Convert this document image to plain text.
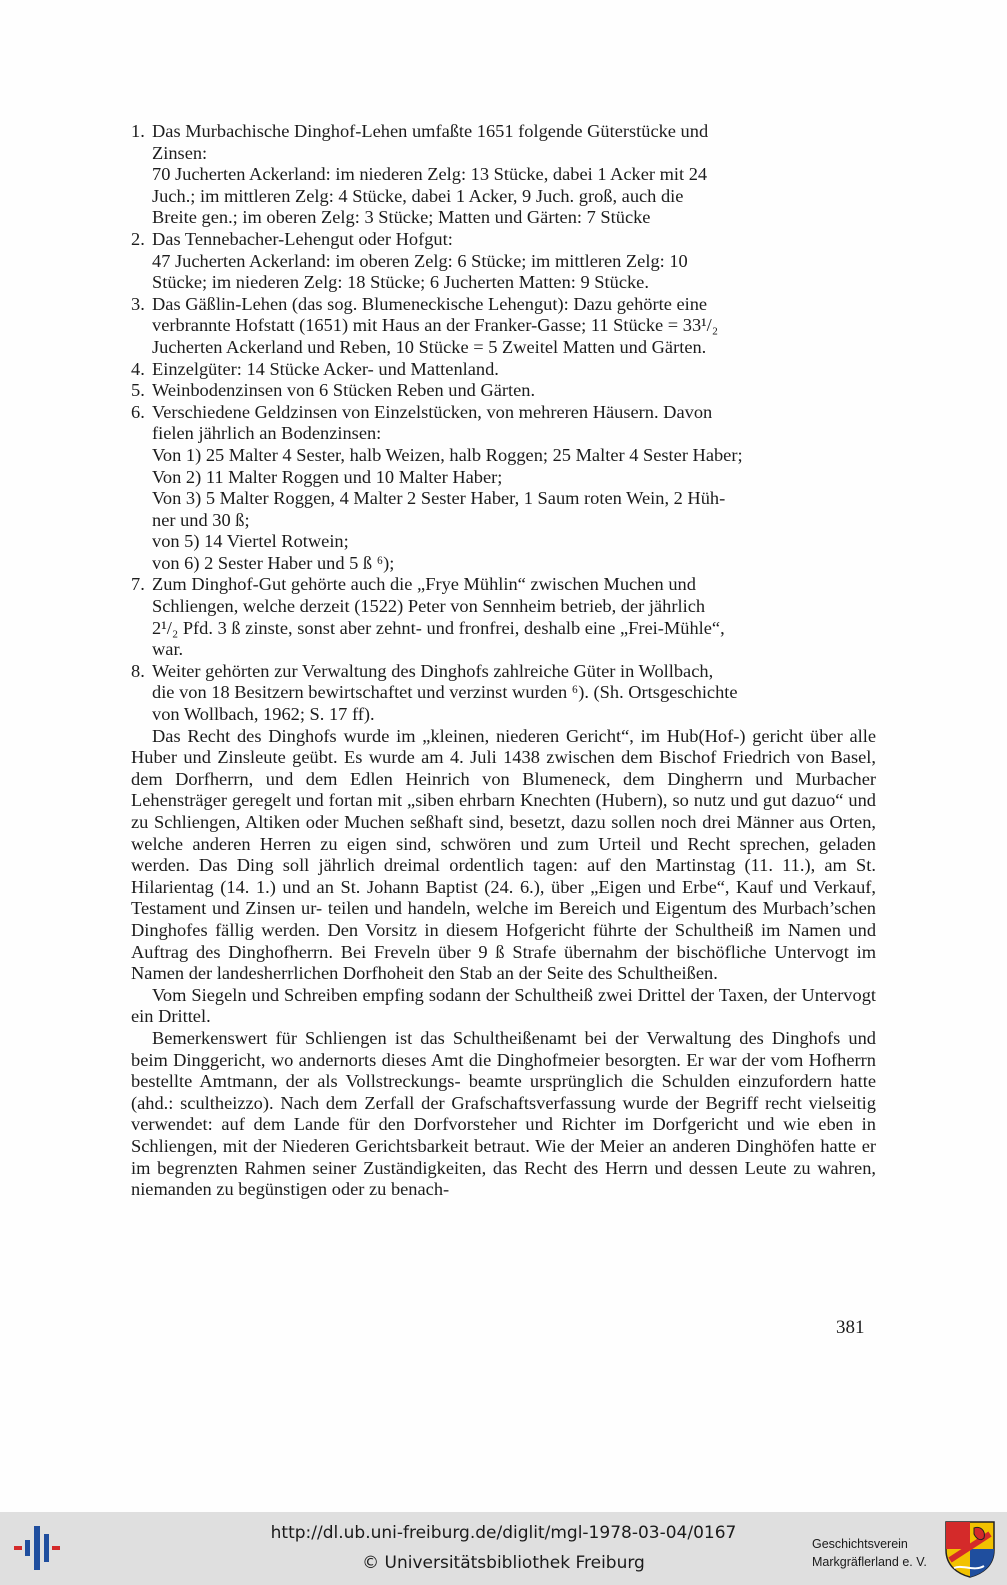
1. Das Murbachische Dinghof-Lehen umfaßte 1651 folgende Güterstücke und
Zinsen:
70 Jucherten Ackerland: im niederen Zelg: 13 Stücke, dabei 1 Acker mit 24
Juch.; im mittleren Zelg: 4 Stücke, dabei 1 Acker, 9 Juch. groß, auch die
Breite gen.; im oberen Zelg: 3 Stücke; Matten und Gärten: 7 Stücke
2. Das Tennebacher-Lehengut oder Hofgut:
47 Jucherten Ackerland: im oberen Zelg: 6 Stücke; im mittleren Zelg: 10
Stücke; im niederen Zelg: 18 Stücke; 6 Jucherten Matten: 9 Stücke.
3. Das Gäßlin-Lehen (das sog. Blumeneckische Lehengut): Dazu gehörte eine
verbrannte Hofstatt (1651) mit Haus an der Franker-Gasse; 11 Stücke = 33¹/₂
Jucherten Ackerland und Reben, 10 Stücke = 5 Zweitel Matten und Gärten.
4. Einzelgüter: 14 Stücke Acker- und Mattenland.
5. Weinbodenzinsen von 6 Stücken Reben und Gärten.
6. Verschiedene Geldzinsen von Einzelstücken, von mehreren Häusern. Davon
fielen jährlich an Bodenzinsen:
Von 1) 25 Malter 4 Sester, halb Weizen, halb Roggen; 25 Malter 4 Sester Haber;
Von 2) 11 Malter Roggen und 10 Malter Haber;
Von 3) 5 Malter Roggen, 4 Malter 2 Sester Haber, 1 Saum roten Wein, 2 Hüh-
ner und 30 ß;
von 5) 14 Viertel Rotwein;
von 6) 2 Sester Haber und 5 ß ⁶);
7. Zum Dinghof-Gut gehörte auch die „Frye Mühlin“ zwischen Muchen und
Schliengen, welche derzeit (1522) Peter von Sennheim betrieb, der jährlich
2¹/₂ Pfd. 3 ß zinste, sonst aber zehnt- und fronfrei, deshalb eine „Frei-Mühle“,
war.
8. Weiter gehörten zur Verwaltung des Dinghofs zahlreiche Güter in Wollbach,
die von 18 Besitzern bewirtschaftet und verzinst wurden ⁶). (Sh. Ortsgeschichte
von Wollbach, 1962; S. 17 ff).

Das Recht des Dinghofs wurde im „kleinen, niederen Gericht“, im Hub(Hof-) gericht über alle Huber und Zinsleute geübt. Es wurde am 4. Juli 1438 zwischen dem Bischof Friedrich von Basel, dem Dorfherrn, und dem Edlen Heinrich von Blumeneck, dem Dingherrn und Murbacher Lehensträger geregelt und fortan mit „siben ehrbarn Knechten (Hubern), so nutz und gut dazuo“ und zu Schliengen, Altiken oder Muchen seßhaft sind, besetzt, dazu sollen noch drei Männer aus Orten, welche anderen Herren zu eigen sind, schwören und zum Urteil und Recht sprechen, geladen werden. Das Ding soll jährlich dreimal ordentlich tagen: auf den Martinstag (11. 11.), am St. Hilarientag (14. 1.) und an St. Johann Baptist (24. 6.), über „Eigen und Erbe“, Kauf und Verkauf, Testament und Zinsen ur- teilen und handeln, welche im Bereich und Eigentum des Murbach’schen Dinghofes fällig werden. Den Vorsitz in diesem Hofgericht führte der Schultheiß im Namen und Auftrag des Dinghofherrn. Bei Freveln über 9 ß Strafe übernahm der bischöfliche Untervogt im Namen der landesherrlichen Dorfhoheit den Stab an der Seite des Schultheißen.

Vom Siegeln und Schreiben empfing sodann der Schultheiß zwei Drittel der Taxen, der Untervogt ein Drittel.

Bemerkenswert für Schliengen ist das Schultheißenamt bei der Verwaltung des Dinghofs und beim Dinggericht, wo andernorts dieses Amt die Dinghofmeier besorgten. Er war der vom Hofherrn bestellte Amtmann, der als Vollstreckungs- beamte ursprünglich die Schulden einzufordern hatte (ahd.: scultheizzo). Nach dem Zerfall der Grafschaftsverfassung wurde der Begriff recht vielseitig verwendet: auf dem Lande für den Dorfvorsteher und Richter im Dorfgericht und wie eben in Schliengen, mit der Niederen Gerichtsbarkeit betraut. Wie der Meier an anderen Dinghöfen hatte er im begrenzten Rahmen seiner Zuständigkeiten, das Recht des Herrn und dessen Leute zu wahren, niemanden zu begünstigen oder zu benach-

381
http://dl.ub.uni-freiburg.de/diglit/mgl-1978-03-04/0167
© Universitätsbibliothek Freiburg
Geschichtsverein
Markgräflerland e. V.
